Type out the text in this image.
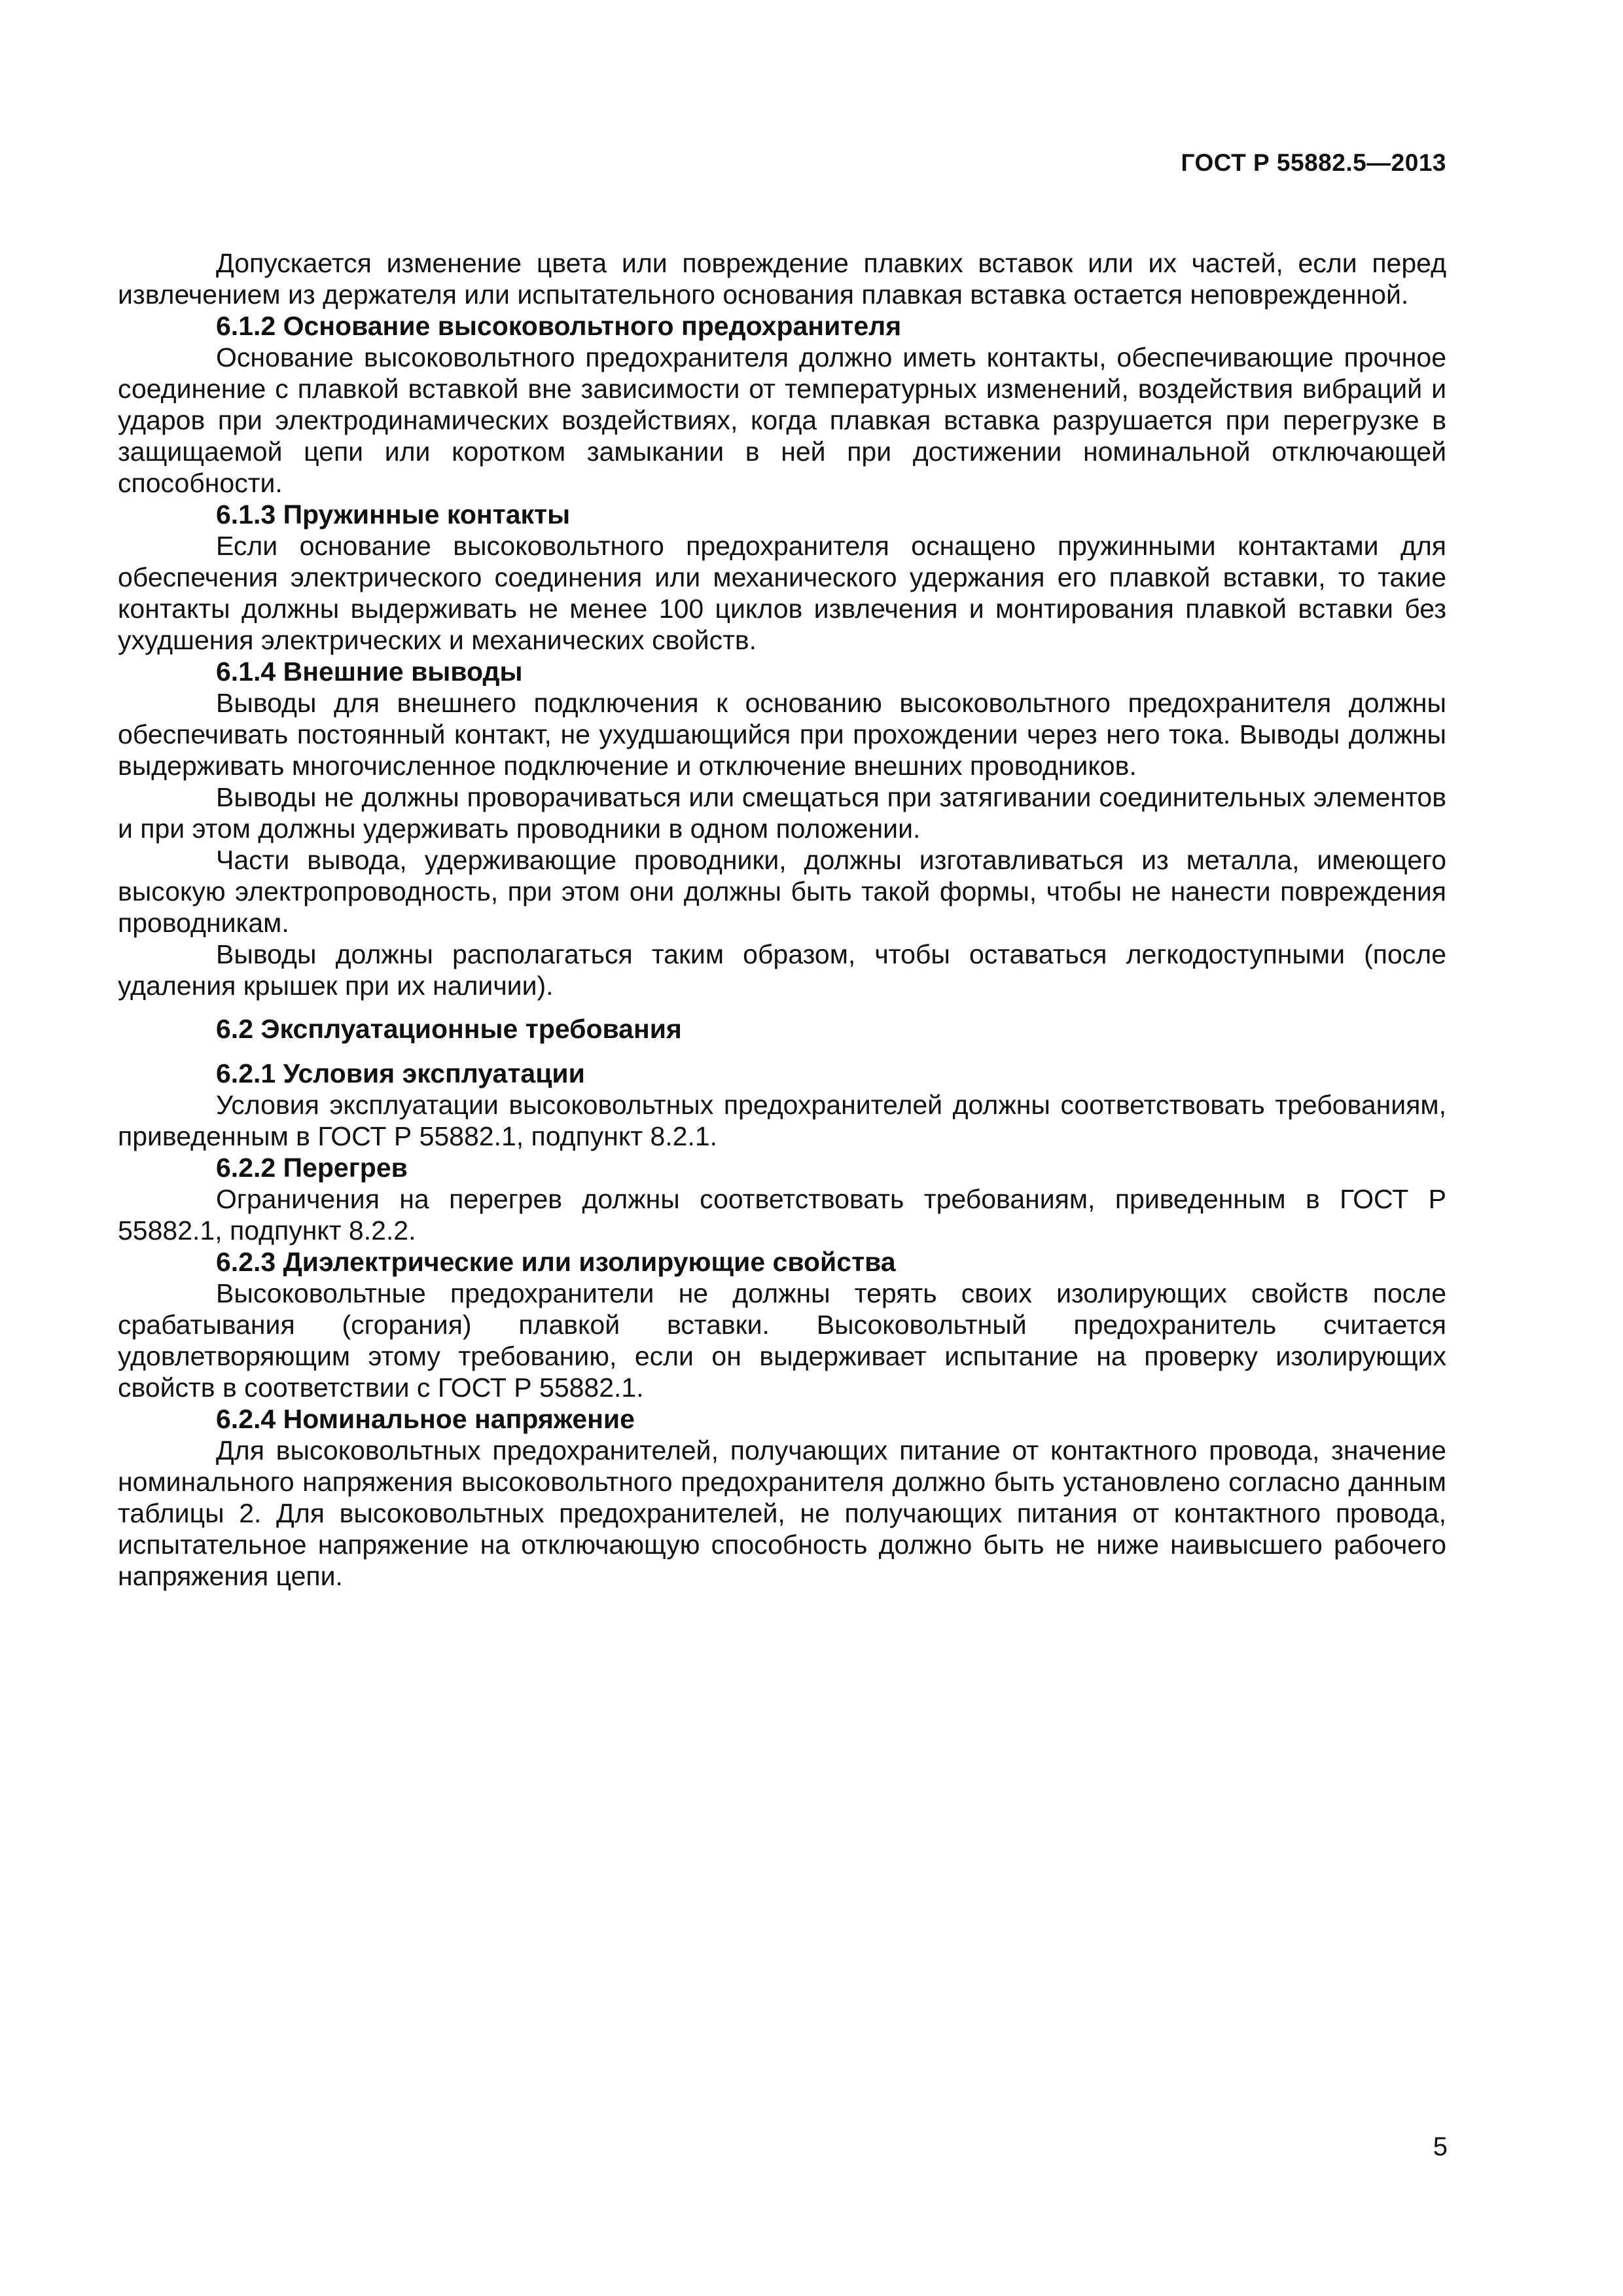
ГОСТ Р 55882.5—2013

Допускается изменение цвета или повреждение плавких вставок или их частей, если перед извлечением из держателя или испытательного основания плавкая вставка остается неповрежденной.

6.1.2 Основание высоковольтного предохранителя

Основание высоковольтного предохранителя должно иметь контакты, обеспечивающие прочное соединение с плавкой вставкой вне зависимости от температурных изменений, воздействия вибраций и ударов при электродинамических воздействиях, когда плавкая вставка разрушается при перегрузке в защищаемой цепи или коротком замыкании в ней при достижении номинальной отключающей способности.

6.1.3 Пружинные контакты

Если основание высоковольтного предохранителя оснащено пружинными контактами для обеспечения электрического соединения или механического удержания его плавкой вставки, то такие контакты должны выдерживать не менее 100 циклов извлечения и монтирования плавкой вставки без ухудшения электрических и механических свойств.

6.1.4 Внешние выводы

Выводы для внешнего подключения к основанию высоковольтного предохранителя должны обеспечивать постоянный контакт, не ухудшающийся при прохождении через него тока. Выводы должны выдерживать многочисленное подключение и отключение внешних проводников.

Выводы не должны проворачиваться или смещаться при затягивании соединительных элементов и при этом должны удерживать проводники в одном положении.

Части вывода, удерживающие проводники, должны изготавливаться из металла, имеющего высокую электропроводность, при этом они должны быть такой формы, чтобы не нанести повреждения проводникам.

Выводы должны располагаться таким образом, чтобы оставаться легкодоступными (после удаления крышек при их наличии).

6.2 Эксплуатационные требования
6.2.1 Условия эксплуатации

Условия эксплуатации высоковольтных предохранителей должны соответствовать требованиям, приведенным в ГОСТ Р 55882.1, подпункт 8.2.1.

6.2.2 Перегрев

Ограничения на перегрев должны соответствовать требованиям, приведенным в ГОСТ Р 55882.1, подпункт 8.2.2.

6.2.3 Диэлектрические или изолирующие свойства

Высоковольтные предохранители не должны терять своих изолирующих свойств после срабатывания (сгорания) плавкой вставки. Высоковольтный предохранитель считается удовлетворяющим этому требованию, если он выдерживает испытание на проверку изолирующих свойств в соответствии с ГОСТ Р 55882.1.

6.2.4 Номинальное напряжение

Для высоковольтных предохранителей, получающих питание от контактного провода, значение номинального напряжения высоковольтного предохранителя должно быть установлено согласно данным таблицы 2. Для высоковольтных предохранителей, не получающих питания от контактного провода, испытательное напряжение на отключающую способность должно быть не ниже наивысшего рабочего напряжения цепи.

5
